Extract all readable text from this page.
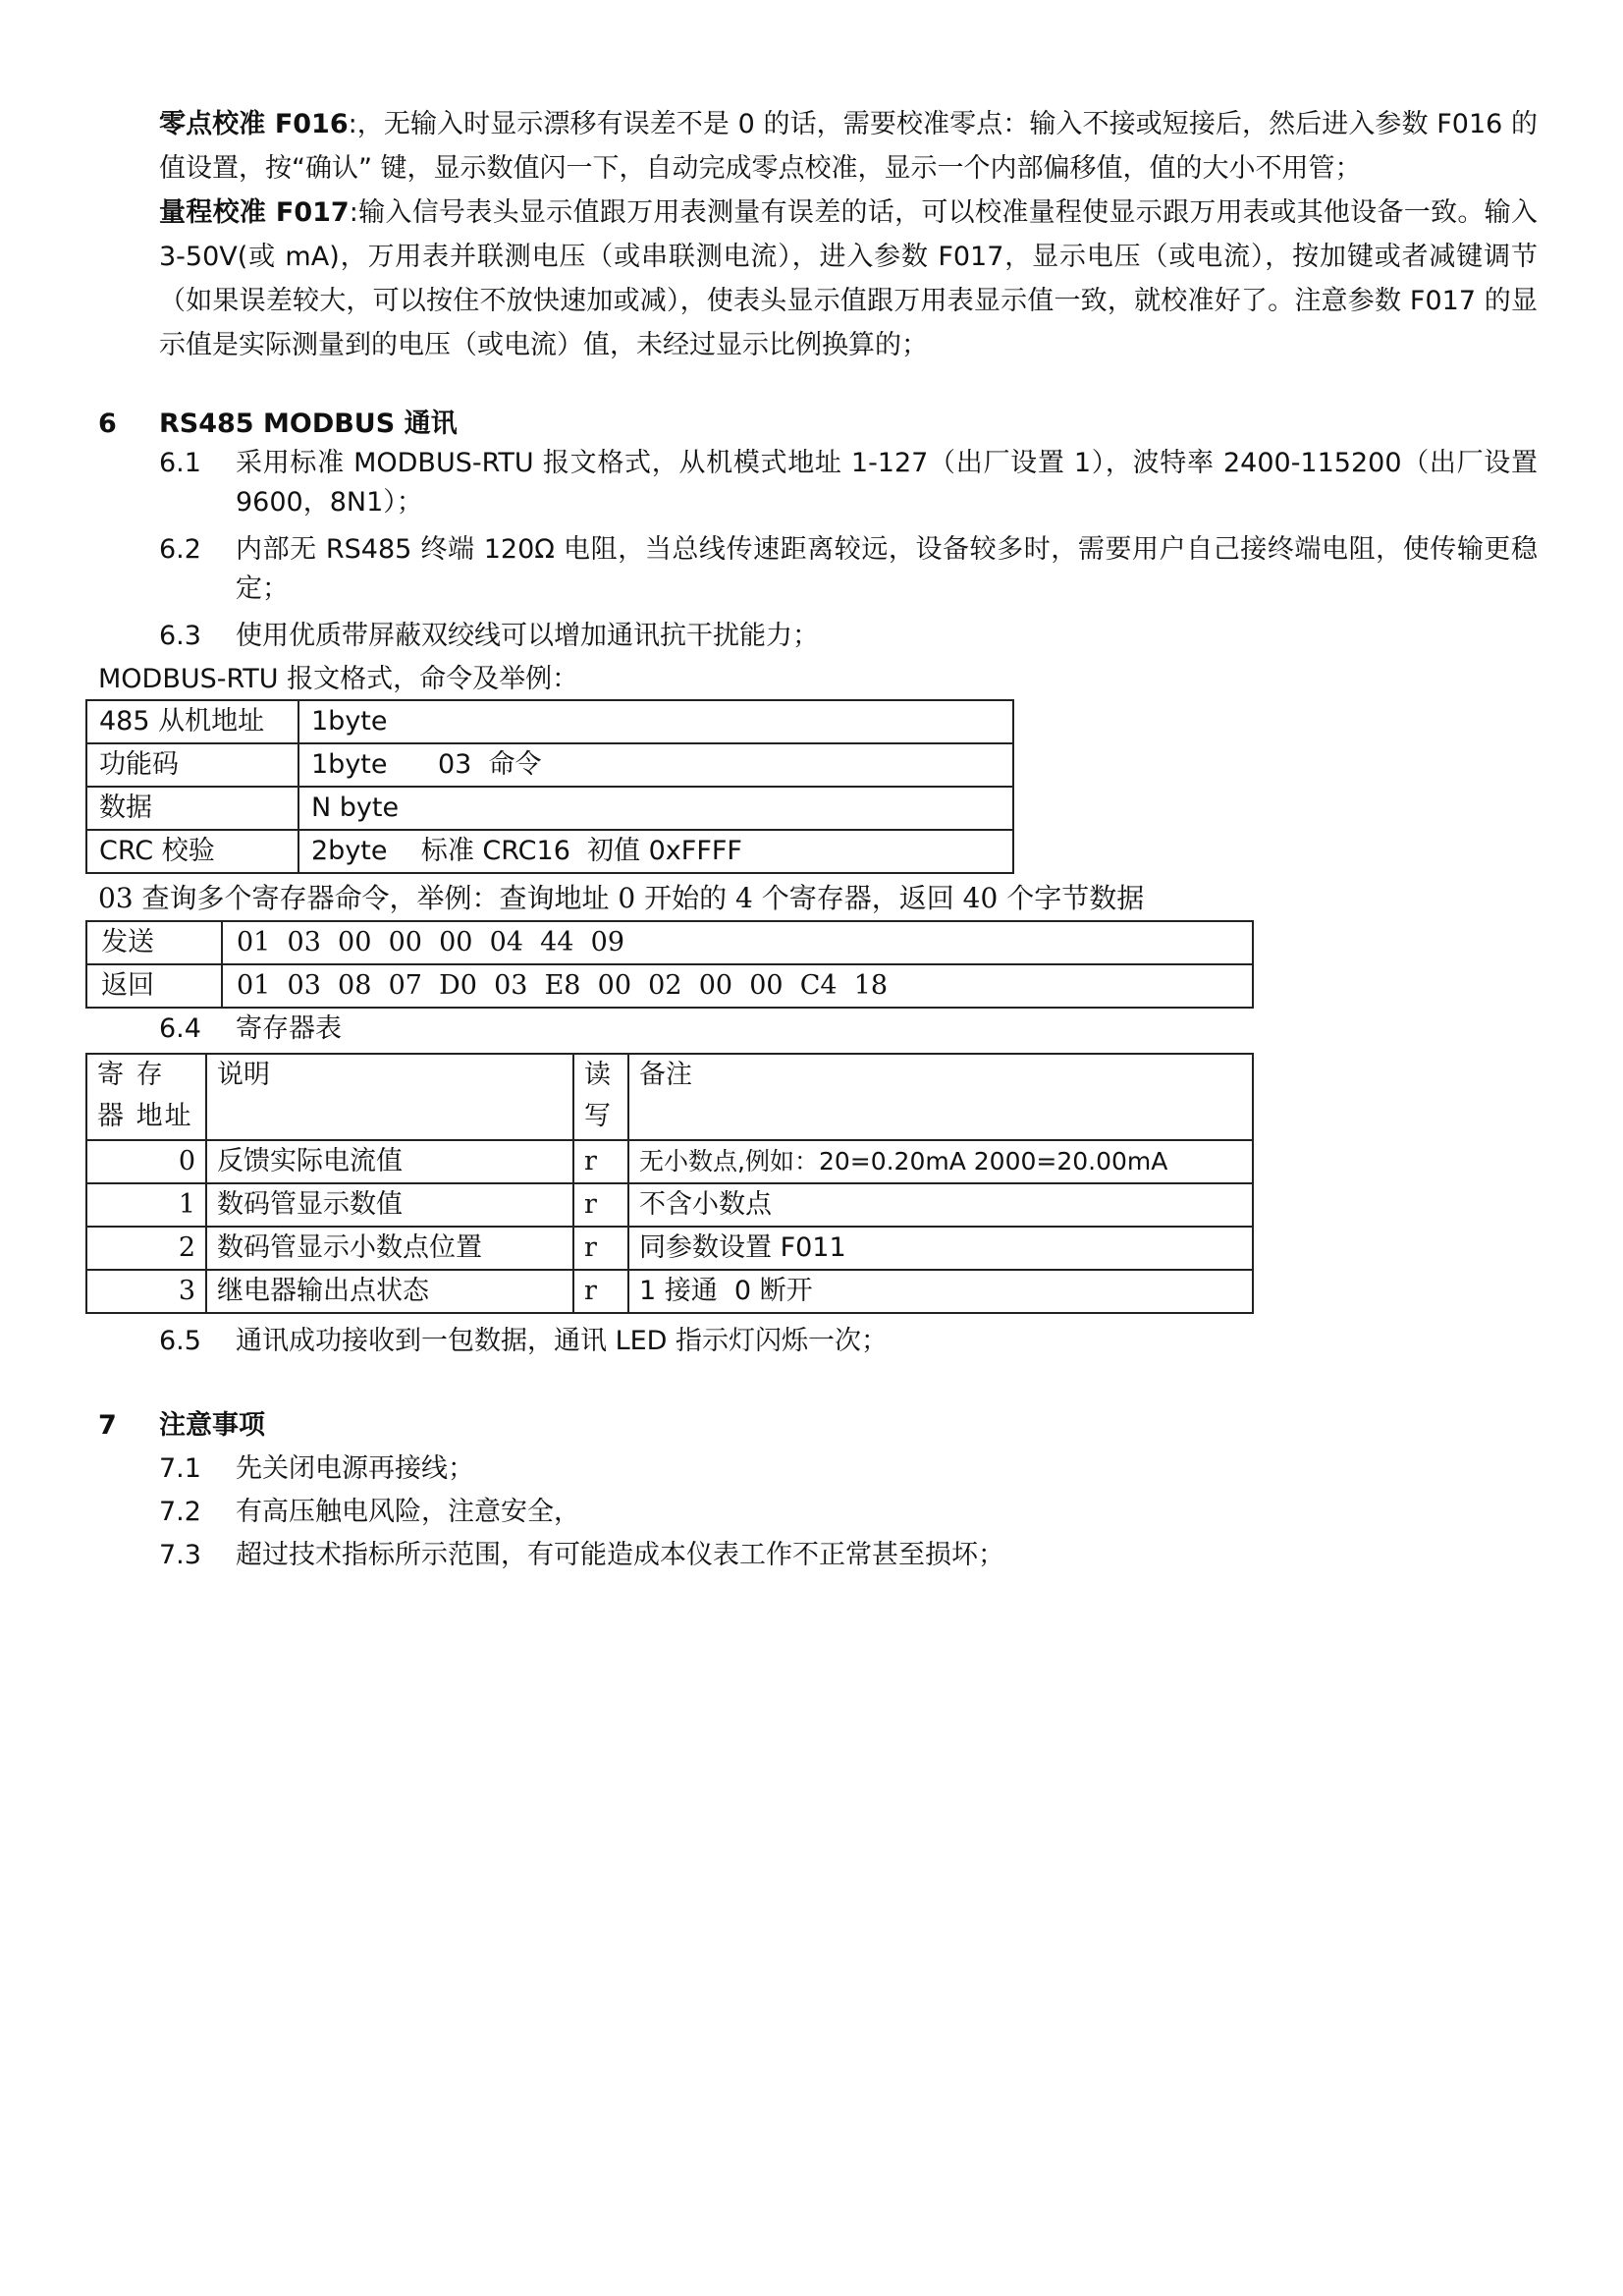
零点校准 F016:，无输入时显示漂移有误差不是 0 的话，需要校准零点：输入不接或短接后，然后进入参数 F016 的值设置，按“确认” 键，显示数值闪一下，自动完成零点校准，显示一个内部偏移值，值的大小不用管；

量程校准 F017:输入信号表头显示值跟万用表测量有误差的话，可以校准量程使显示跟万用表或其他设备一致。输入 3-50V(或 mA)，万用表并联测电压（或串联测电流），进入参数 F017，显示电压（或电流），按加键或者减键调节（如果误差较大，可以按住不放快速加或减），使表头显示值跟万用表显示值一致，就校准好了。注意参数 F017 的显示值是实际测量到的电压（或电流）值，未经过显示比例换算的；

6 RS485 MODBUS 通讯
6.1 采用标准 MODBUS-RTU 报文格式，从机模式地址 1-127（出厂设置 1），波特率 2400-115200（出厂设置 9600，8N1）；
6.2 内部无 RS485 终端 120Ω 电阻，当总线传速距离较远，设备较多时，需要用户自己接终端电阻，使传输更稳定；
6.3 使用优质带屏蔽双绞线可以增加通讯抗干扰能力；
MODBUS-RTU 报文格式，命令及举例：
485 从机地址	1byte
功能码	1byte      03  命令
数据	N byte
CRC 校验	2byte    标准 CRC16  初值 0xFFFF
03 查询多个寄存器命令，举例：查询地址 0 开始的 4 个寄存器，返回 40 个字节数据
发送	01  03  00  00  00  04  44  09
返回	01  03  08  07  D0  03  E8  00  02  00  00  C4  18
6.4 寄存器表
寄 存 器 地址	说明	读写	备注
0	反馈实际电流值	r	无小数点,例如：20=0.20mA 2000=20.00mA
1	数码管显示数值	r	不含小数点
2	数码管显示小数点位置	r	同参数设置 F011
3	继电器输出点状态	r	1 接通  0 断开
6.5 通讯成功接收到一包数据，通讯 LED 指示灯闪烁一次；
7 注意事项
7.1 先关闭电源再接线；
7.2 有高压触电风险，注意安全，
7.3 超过技术指标所示范围，有可能造成本仪表工作不正常甚至损坏；
